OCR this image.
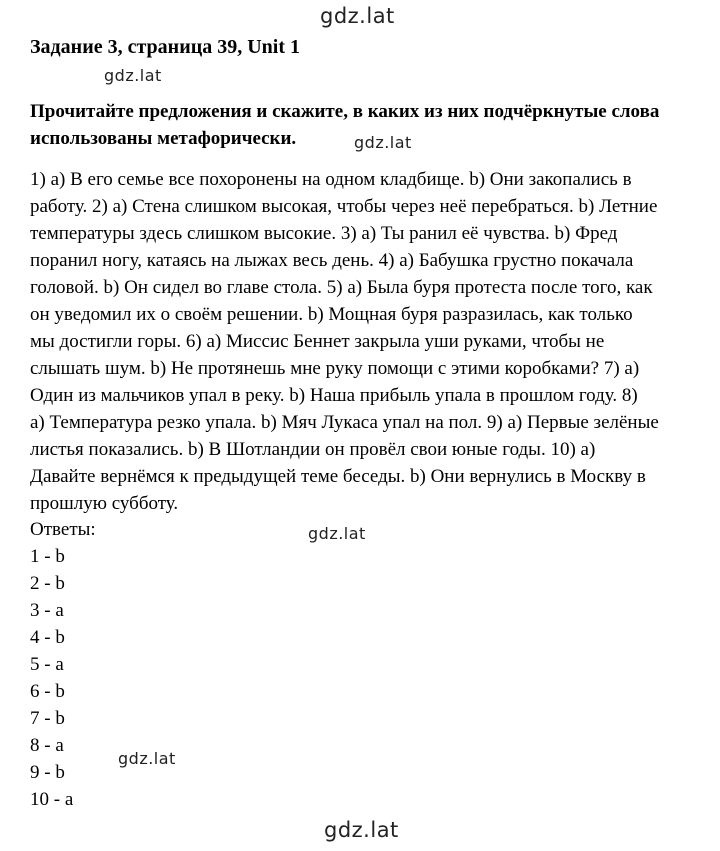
gdz.lat
gdz.lat
gdz.lat
gdz.lat
gdz.lat
gdz.lat
Задание 3, страница 39, Unit 1
Прочитайте предложения и скажите, в каких из них подчёркнутые слова
использованы метафорически.
1) a) В его семье все похоронены на одном кладбище. b) Они закопались в
работу. 2) a) Стена слишком высокая, чтобы через неё перебраться. b) Летние
температуры здесь слишком высокие. 3) a) Ты ранил её чувства. b) Фред
поранил ногу, катаясь на лыжах весь день. 4) a) Бабушка грустно покачала
головой. b) Он сидел во главе стола. 5) a) Была буря протеста после того, как
он уведомил их о своём решении. b) Мощная буря разразилась, как только
мы достигли горы. 6) a) Миссис Беннет закрыла уши руками, чтобы не
слышать шум. b) Не протянешь мне руку помощи с этими коробками? 7) a)
Один из мальчиков упал в реку. b) Наша прибыль упала в прошлом году. 8)
a) Температура резко упала. b) Мяч Лукаса упал на пол. 9) a) Первые зелёные
листья показались. b) В Шотландии он провёл свои юные годы. 10) a)
Давайте вернёмся к предыдущей теме беседы. b) Они вернулись в Москву в
прошлую субботу.
Ответы:
1 - b
2 - b
3 - a
4 - b
5 - a
6 - b
7 - b
8 - a
9 - b
10 - a
